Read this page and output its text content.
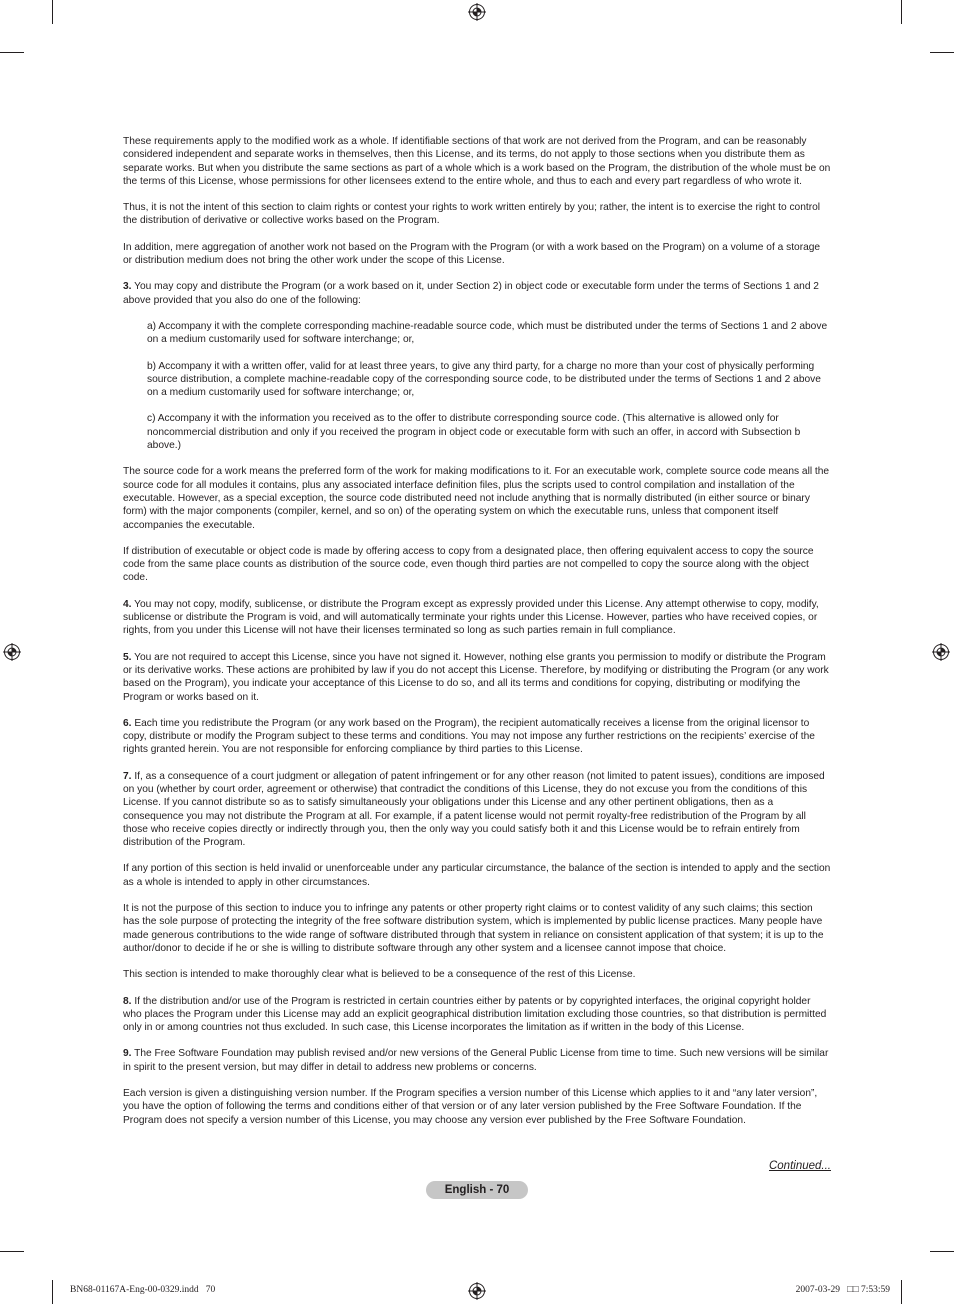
These requirements apply to the modified work as a whole. If identifiable sections of that work are not derived from the Program, and can be reasonably considered independent and separate works in themselves, then this License, and its terms, do not apply to those sections when you distribute them as separate works. But when you distribute the same sections as part of a whole which is a work based on the Program, the distribution of the whole must be on the terms of this License, whose permissions for other licensees extend to the entire whole, and thus to each and every part regardless of who wrote it.

Thus, it is not the intent of this section to claim rights or contest your rights to work written entirely by you; rather, the intent is to exercise the right to control the distribution of derivative or collective works based on the Program.

In addition, mere aggregation of another work not based on the Program with the Program (or with a work based on the Program) on a volume of a storage or distribution medium does not bring the other work under the scope of this License.

3. You may copy and distribute the Program (or a work based on it, under Section 2) in object code or executable form under the terms of Sections 1 and 2 above provided that you also do one of the following:

a) Accompany it with the complete corresponding machine-readable source code, which must be distributed under the terms of Sections 1 and 2 above on a medium customarily used for software interchange; or,

b) Accompany it with a written offer, valid for at least three years, to give any third party, for a charge no more than your cost of physically performing source distribution, a complete machine-readable copy of the corresponding source code, to be distributed under the terms of Sections 1 and 2 above on a medium customarily used for software interchange; or,

c) Accompany it with the information you received as to the offer to distribute corresponding source code. (This alternative is allowed only for noncommercial distribution and only if you received the program in object code or executable form with such an offer, in accord with Subsection b above.)

The source code for a work means the preferred form of the work for making modifications to it. For an executable work, complete source code means all the source code for all modules it contains, plus any associated interface definition files, plus the scripts used to control compilation and installation of the executable. However, as a special exception, the source code distributed need not include anything that is normally distributed (in either source or binary form) with the major components (compiler, kernel, and so on) of the operating system on which the executable runs, unless that component itself accompanies the executable.

If distribution of executable or object code is made by offering access to copy from a designated place, then offering equivalent access to copy the source code from the same place counts as distribution of the source code, even though third parties are not compelled to copy the source along with the object code.

4. You may not copy, modify, sublicense, or distribute the Program except as expressly provided under this License. Any attempt otherwise to copy, modify, sublicense or distribute the Program is void, and will automatically terminate your rights under this License. However, parties who have received copies, or rights, from you under this License will not have their licenses terminated so long as such parties remain in full compliance.

5. You are not required to accept this License, since you have not signed it. However, nothing else grants you permission to modify or distribute the Program or its derivative works. These actions are prohibited by law if you do not accept this License. Therefore, by modifying or distributing the Program (or any work based on the Program), you indicate your acceptance of this License to do so, and all its terms and conditions for copying, distributing or modifying the Program or works based on it.

6. Each time you redistribute the Program (or any work based on the Program), the recipient automatically receives a license from the original licensor to copy, distribute or modify the Program subject to these terms and conditions. You may not impose any further restrictions on the recipients’ exercise of the rights granted herein. You are not responsible for enforcing compliance by third parties to this License.

7. If, as a consequence of a court judgment or allegation of patent infringement or for any other reason (not limited to patent issues), conditions are imposed on you (whether by court order, agreement or otherwise) that contradict the conditions of this License, they do not excuse you from the conditions of this License. If you cannot distribute so as to satisfy simultaneously your obligations under this License and any other pertinent obligations, then as a consequence you may not distribute the Program at all. For example, if a patent license would not permit royalty-free redistribution of the Program by all those who receive copies directly or indirectly through you, then the only way you could satisfy both it and this License would be to refrain entirely from distribution of the Program.

If any portion of this section is held invalid or unenforceable under any particular circumstance, the balance of the section is intended to apply and the section as a whole is intended to apply in other circumstances.

It is not the purpose of this section to induce you to infringe any patents or other property right claims or to contest validity of any such claims; this section has the sole purpose of protecting the integrity of the free software distribution system, which is implemented by public license practices. Many people have made generous contributions to the wide range of software distributed through that system in reliance on consistent application of that system; it is up to the author/donor to decide if he or she is willing to distribute software through any other system and a licensee cannot impose that choice.

This section is intended to make thoroughly clear what is believed to be a consequence of the rest of this License.

8. If the distribution and/or use of the Program is restricted in certain countries either by patents or by copyrighted interfaces, the original copyright holder who places the Program under this License may add an explicit geographical distribution limitation excluding those countries, so that distribution is permitted only in or among countries not thus excluded. In such case, this License incorporates the limitation as if written in the body of this License.

9. The Free Software Foundation may publish revised and/or new versions of the General Public License from time to time. Such new versions will be similar in spirit to the present version, but may differ in detail to address new problems or concerns.

Each version is given a distinguishing version number. If the Program specifies a version number of this License which applies to it and “any later version”, you have the option of following the terms and conditions either of that version or of any later version published by the Free Software Foundation. If the Program does not specify a version number of this License, you may choose any version ever published by the Free Software Foundation.

Continued...
English - 70
BN68-01167A-Eng-00-0329.indd   70	2007-03-29   □□ 7:53:59
